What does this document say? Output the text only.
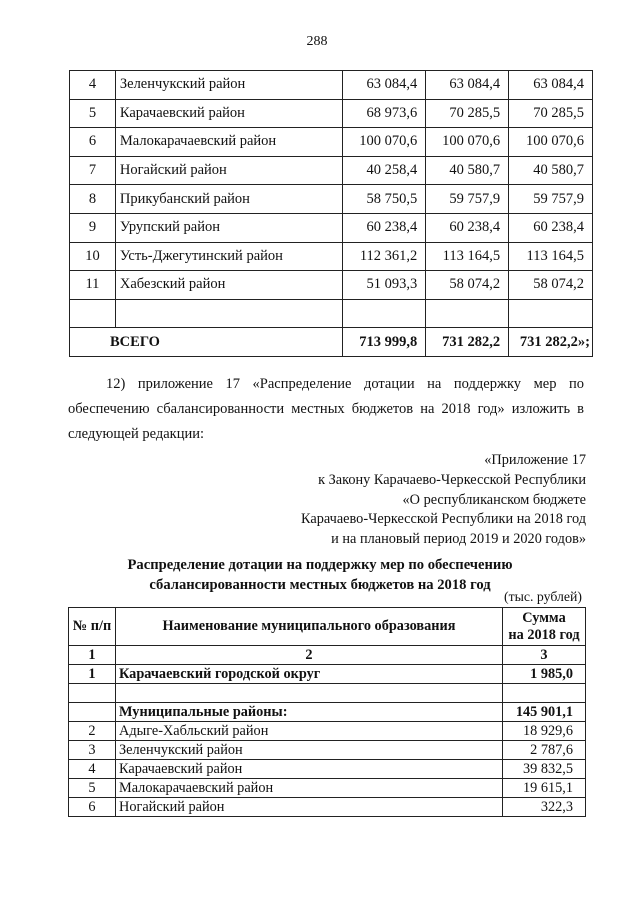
288
4	Зеленчукский район	63 084,4	63 084,4	63 084,4
5	Карачаевский район	68 973,6	70 285,5	70 285,5
6	Малокарачаевский район	100 070,6	100 070,6	100 070,6
7	Ногайский район	40 258,4	40 580,7	40 580,7
8	Прикубанский район	58 750,5	59 757,9	59 757,9
9	Урупский район	60 238,4	60 238,4	60 238,4
10	Усть-Джегутинский район	112 361,2	113 164,5	113 164,5
11	Хабезский район	51 093,3	58 074,2	58 074,2

ВСЕГО		713 999,8	731 282,2	731 282,2»;
12) приложение 17 «Распределение дотации на поддержку мер по обеспечению сбалансированности местных бюджетов на 2018 год» изложить в следующей редакции:
«Приложение 17
к Закону Карачаево-Черкесской Республики
«О республиканском бюджете
Карачаево-Черкесской Республики на 2018 год
и на плановый период 2019 и 2020 годов»
Распределение дотации на поддержку мер по обеспечению
сбалансированности местных бюджетов на 2018 год
(тыс. рублей)
№ п/п	Наименование муниципального образования	Сумма
на 2018 год

1	2	3
1	Карачаевский городской округ	1 985,0

	Муниципальные районы:	145 901,1
2	Адыге-Хабльский район	18 929,6
3	Зеленчукский район	2 787,6
4	Карачаевский район	39 832,5
5	Малокарачаевский район	19 615,1
6	Ногайский район	322,3
